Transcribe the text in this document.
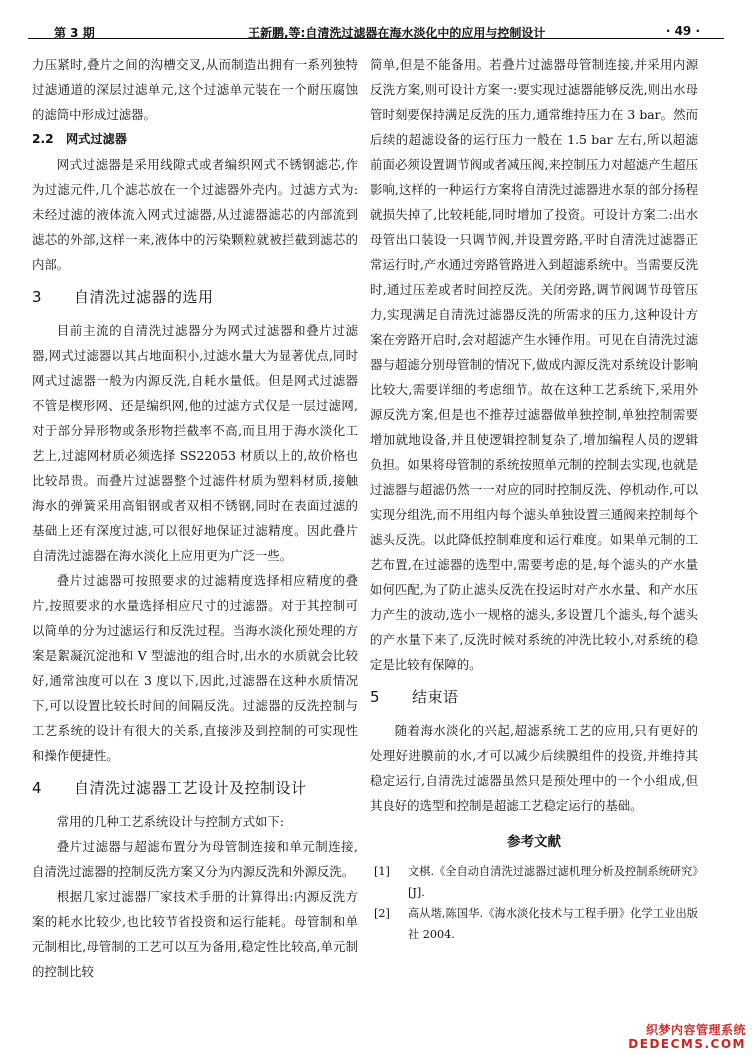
第 3 期	王新鹏,等:自清洗过滤器在海水淡化中的应用与控制设计	· 49 ·

力压紧时,叠片之间的沟槽交叉,从而制造出拥有一系列独特过滤通道的深层过滤单元,这个过滤单元装在一个耐压腐蚀的滤筒中形成过滤器。

2.2 网式过滤器

网式过滤器是采用线隙式或者编织网式不锈钢滤芯,作为过滤元件,几个滤芯放在一个过滤器外壳内。过滤方式为:未经过滤的液体流入网式过滤器,从过滤器滤芯的内部流到滤芯的外部,这样一来,液体中的污染颗粒就被拦截到滤芯的内部。

3 自清洗过滤器的选用

目前主流的自清洗过滤器分为网式过滤器和叠片过滤器,网式过滤器以其占地面积小,过滤水量大为显著优点,同时网式过滤器一般为内源反洗,自耗水量低。但是网式过滤器不管是楔形网、还是编织网,他的过滤方式仅是一层过滤网,对于部分异形物或条形物拦截率不高,而且用于海水淡化工艺上,过滤网材质必须选择 SS22053 材质以上的,故价格也比较昂贵。而叠片过滤器整个过滤件材质为塑料材质,接触海水的弹簧采用高钼钢或者双相不锈钢,同时在表面过滤的基础上还有深度过滤,可以很好地保证过滤精度。因此叠片自清洗过滤器在海水淡化上应用更为广泛一些。

叠片过滤器可按照要求的过滤精度选择相应精度的叠片,按照要求的水量选择相应尺寸的过滤器。对于其控制可以简单的分为过滤运行和反洗过程。当海水淡化预处理的方案是絮凝沉淀池和 V 型滤池的组合时,出水的水质就会比较好,通常浊度可以在 3 度以下,因此,过滤器在这种水质情况下,可以设置比较长时间的间隔反洗。过滤器的反洗控制与工艺系统的设计有很大的关系,直接涉及到控制的可实现性和操作便捷性。

4 自清洗过滤器工艺设计及控制设计

常用的几种工艺系统设计与控制方式如下:

叠片过滤器与超滤布置分为母管制连接和单元制连接,自清洗过滤器的控制反洗方案又分为内源反洗和外源反洗。

根据几家过滤器厂家技术手册的计算得出:内源反洗方案的耗水比较少,也比较节省投资和运行能耗。母管制和单元制相比,母管制的工艺可以互为备用,稳定性比较高,单元制的控制比较

简单,但是不能备用。若叠片过滤器母管制连接,并采用内源反洗方案,则可设计方案一:要实现过滤器能够反洗,则出水母管时刻要保持满足反洗的压力,通常维持压力在 3 bar。然而后续的超滤设备的运行压力一般在 1.5 bar 左右,所以超滤前面必须设置调节阀或者减压阀,来控制压力对超滤产生超压影响,这样的一种运行方案将自清洗过滤器进水泵的部分扬程就损失掉了,比较耗能,同时增加了投资。可设计方案二:出水母管出口装设一只调节阀,并设置旁路,平时自清洗过滤器正常运行时,产水通过旁路管路进入到超滤系统中。当需要反洗时,通过压差或者时间控反洗。关闭旁路,调节阀调节母管压力,实现满足自清洗过滤器反洗的所需求的压力,这种设计方案在旁路开启时,会对超滤产生水锤作用。可见在自清洗过滤器与超滤分别母管制的情况下,做成内源反洗对系统设计影响比较大,需要详细的考虑细节。故在这种工艺系统下,采用外源反洗方案,但是也不推荐过滤器做单独控制,单独控制需要增加就地设备,并且使逻辑控制复杂了,增加编程人员的逻辑负担。如果将母管制的系统按照单元制的控制去实现,也就是过滤器与超滤仍然一一对应的同时控制反洗、停机动作,可以实现分组洗,而不用组内每个滤头单独设置三通阀来控制每个滤头反洗。以此降低控制难度和运行难度。如果单元制的工艺布置,在过滤器的选型中,需要考虑的是,每个滤头的产水量如何匹配,为了防止滤头反洗在投运时对产水水量、和产水压力产生的波动,选小一规格的滤头,多设置几个滤头,每个滤头的产水量下来了,反洗时候对系统的冲洗比较小,对系统的稳定是比较有保障的。

5 结束语

随着海水淡化的兴起,超滤系统工艺的应用,只有更好的处理好进膜前的水,才可以减少后续膜组件的投资,并维持其稳定运行,自清洗过滤器虽然只是预处理中的一个小组成,但其良好的选型和控制是超滤工艺稳定运行的基础。

参考文献
[1] 文棋.《全自动自清洗过滤器过滤机理分析及控制系统研究》[J].
[2] 高从堦,陈国华.《海水淡化技术与工程手册》化学工业出版社 2004.
织梦内容管理系统
DEDECMS.COM
